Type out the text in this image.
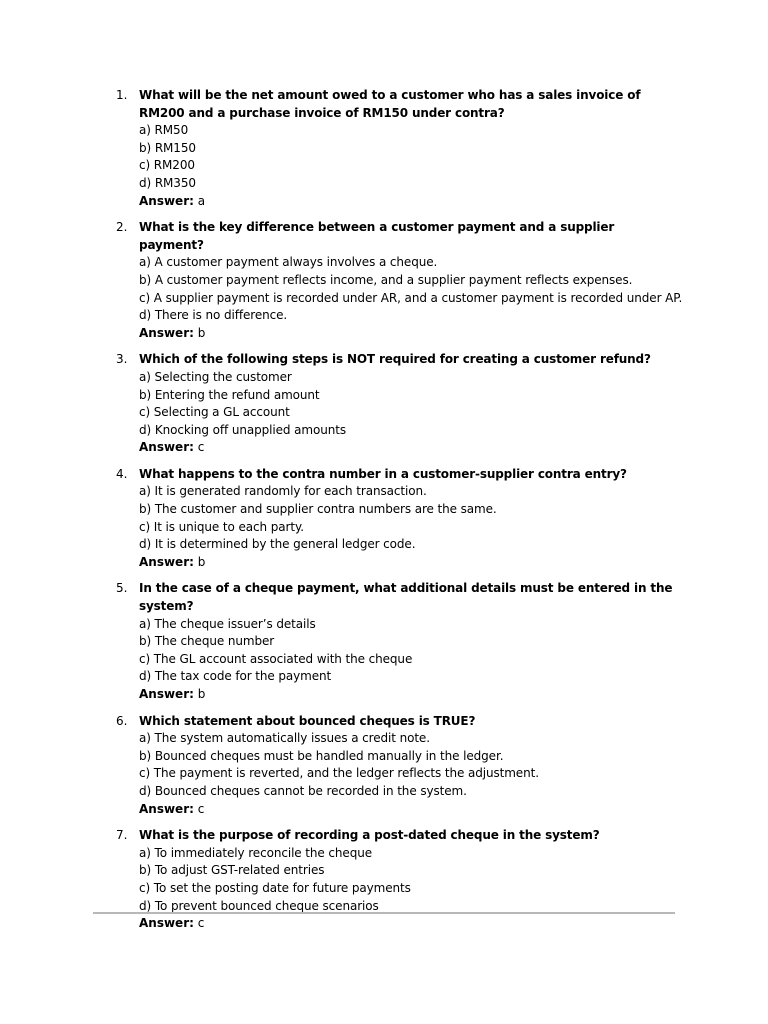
1. What will be the net amount owed to a customer who has a sales invoice of RM200 and a purchase invoice of RM150 under contra?
a) RM50
b) RM150
c) RM200
d) RM350
Answer: a
2. What is the key difference between a customer payment and a supplier payment?
a) A customer payment always involves a cheque.
b) A customer payment reflects income, and a supplier payment reflects expenses.
c) A supplier payment is recorded under AR, and a customer payment is recorded under AP.
d) There is no difference.
Answer: b
3. Which of the following steps is NOT required for creating a customer refund?
a) Selecting the customer
b) Entering the refund amount
c) Selecting a GL account
d) Knocking off unapplied amounts
Answer: c
4. What happens to the contra number in a customer-supplier contra entry?
a) It is generated randomly for each transaction.
b) The customer and supplier contra numbers are the same.
c) It is unique to each party.
d) It is determined by the general ledger code.
Answer: b
5. In the case of a cheque payment, what additional details must be entered in the system?
a) The cheque issuer’s details
b) The cheque number
c) The GL account associated with the cheque
d) The tax code for the payment
Answer: b
6. Which statement about bounced cheques is TRUE?
a) The system automatically issues a credit note.
b) Bounced cheques must be handled manually in the ledger.
c) The payment is reverted, and the ledger reflects the adjustment.
d) Bounced cheques cannot be recorded in the system.
Answer: c
7. What is the purpose of recording a post-dated cheque in the system?
a) To immediately reconcile the cheque
b) To adjust GST-related entries
c) To set the posting date for future payments
d) To prevent bounced cheque scenarios
Answer: c
